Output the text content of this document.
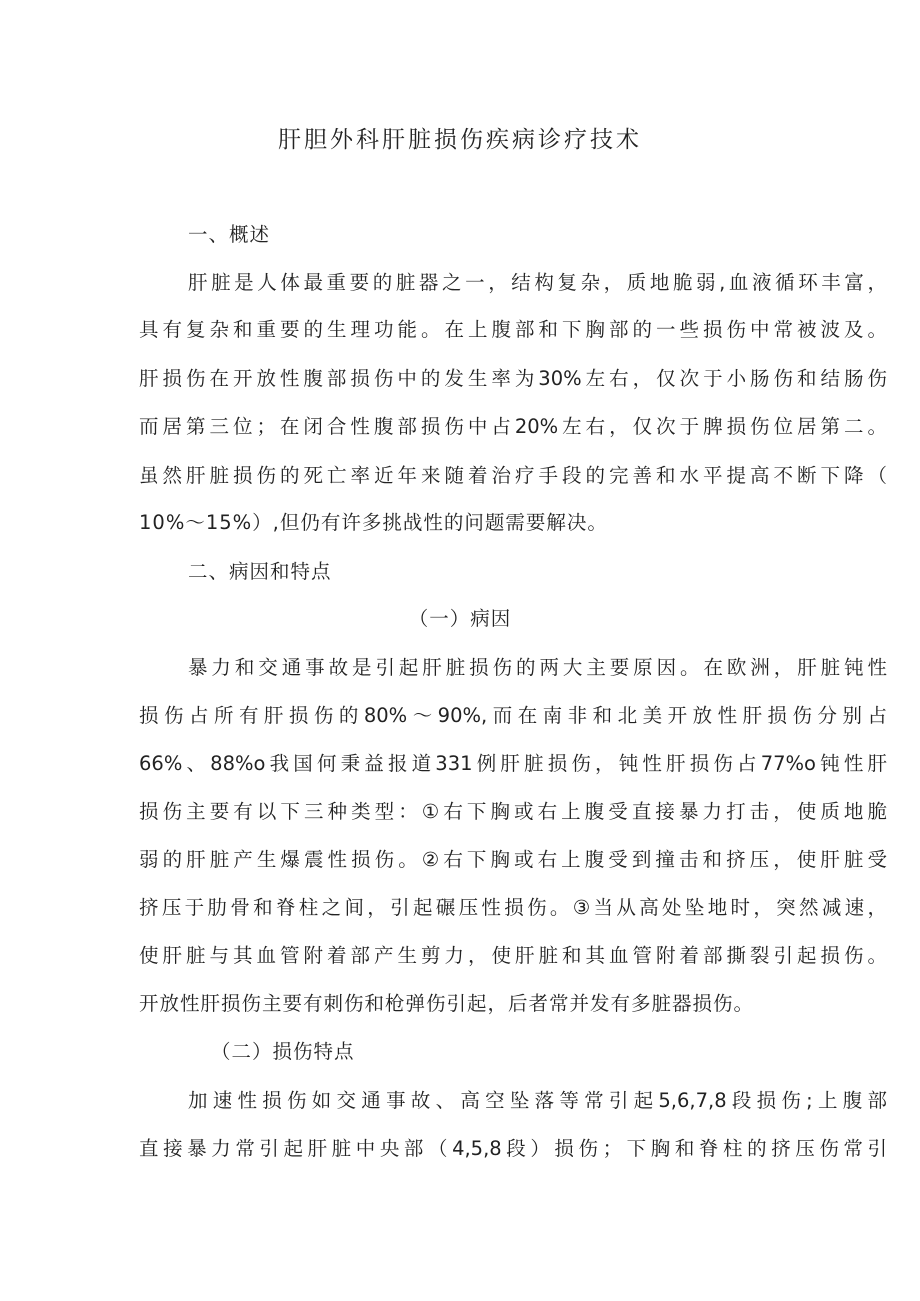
肝胆外科肝脏损伤疾病诊疗技术
一、概述
肝脏是人体最重要的脏器之一，结构复杂，质地脆弱,血液循环丰富，
具有复杂和重要的生理功能。在上腹部和下胸部的一些损伤中常被波及。
肝损伤在开放性腹部损伤中的发生率为30%左右，仅次于小肠伤和结肠伤
而居第三位；在闭合性腹部损伤中占20%左右，仅次于脾损伤位居第二。
虽然肝脏损伤的死亡率近年来随着治疗手段的完善和水平提高不断下降（
10%～15%）,但仍有许多挑战性的问题需要解决。
二、病因和特点
（一）病因
暴力和交通事故是引起肝脏损伤的两大主要原因。在欧洲，肝脏钝性
损伤占所有肝损伤的80%～90%,而在南非和北美开放性肝损伤分别占
66%、88%o我国何秉益报道331例肝脏损伤，钝性肝损伤占77%o钝性肝
损伤主要有以下三种类型：①右下胸或右上腹受直接暴力打击，使质地脆
弱的肝脏产生爆震性损伤。②右下胸或右上腹受到撞击和挤压，使肝脏受
挤压于肋骨和脊柱之间，引起碾压性损伤。③当从高处坠地时，突然减速，
使肝脏与其血管附着部产生剪力，使肝脏和其血管附着部撕裂引起损伤。
开放性肝损伤主要有刺伤和枪弹伤引起，后者常并发有多脏器损伤。
（二）损伤特点
加速性损伤如交通事故、高空坠落等常引起5,6,7,8段损伤;上腹部
直接暴力常引起肝脏中央部（4,5,8段）损伤；下胸和脊柱的挤压伤常引
